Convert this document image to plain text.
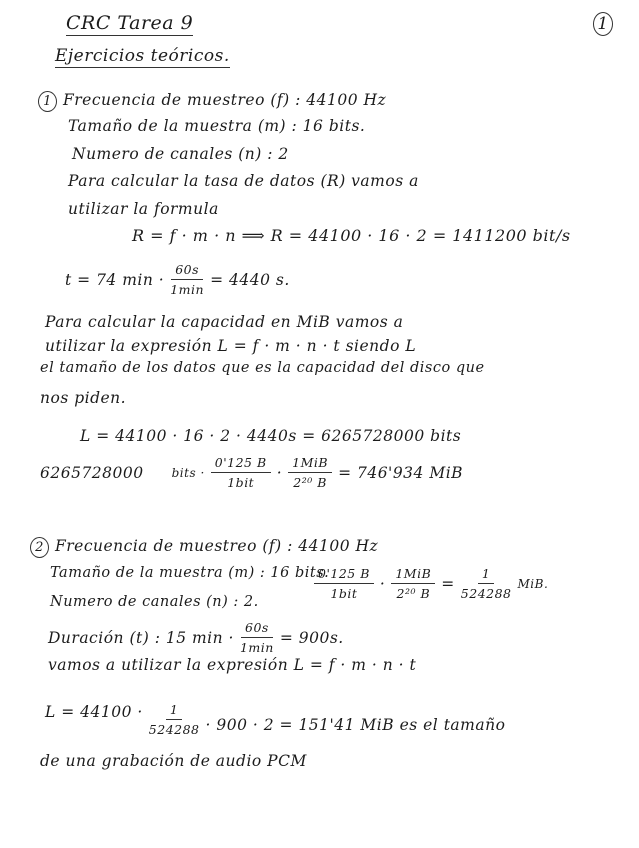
CRC Tarea 9
Ejercicios teóricos.
1
1 Frecuencia de muestreo (f) : 44100 Hz
Tamaño de la muestra (m) : 16 bits.
Numero de canales (n) : 2
Para calcular la tasa de datos (R) vamos a
utilizar la formula
R = f · m · n ⟹ R = 44100 · 16 · 2 = 1411200 bit/s
t = 74 $\min \cdot \frac{60s}{1\min} = 4440$ s.
Para calcular la capacidad en MiB vamos a
utilizar la expresión L = f · m · n · t siendo L
el tamaño de los datos que es la capacidad del disco que
nos piden.
L = 44100 · 16 · 2 · 4440s = 6265728000 bits
6265728000 bits · $\frac{0'125 B}{\text{1bit}} \cdot \frac{\text{1MiB}}{\text{2²⁰ B}} = 746'934$ MiB
2 Frecuencia de muestreo (f) : 44100 Hz
Tamaño de la muestra (m) : 16 bits.
Numero de canales (n) : 2.
$\frac{0'125 B}{\text{1bit}} \cdot \frac{\text{1MiB}}{\text{2²⁰ B}} = \frac{1}{524288}$ MiB.
Duración (t) : 15 $\min \cdot \frac{60s}{1\min} = 900s$.
vamos a utilizar la expresión L = f · m · n · t
$L = 44100 \cdot \frac{1}{524288} \cdot 900 \cdot 2 = 151'41$ MiB es el tamaño
de una grabación de audio PCM
